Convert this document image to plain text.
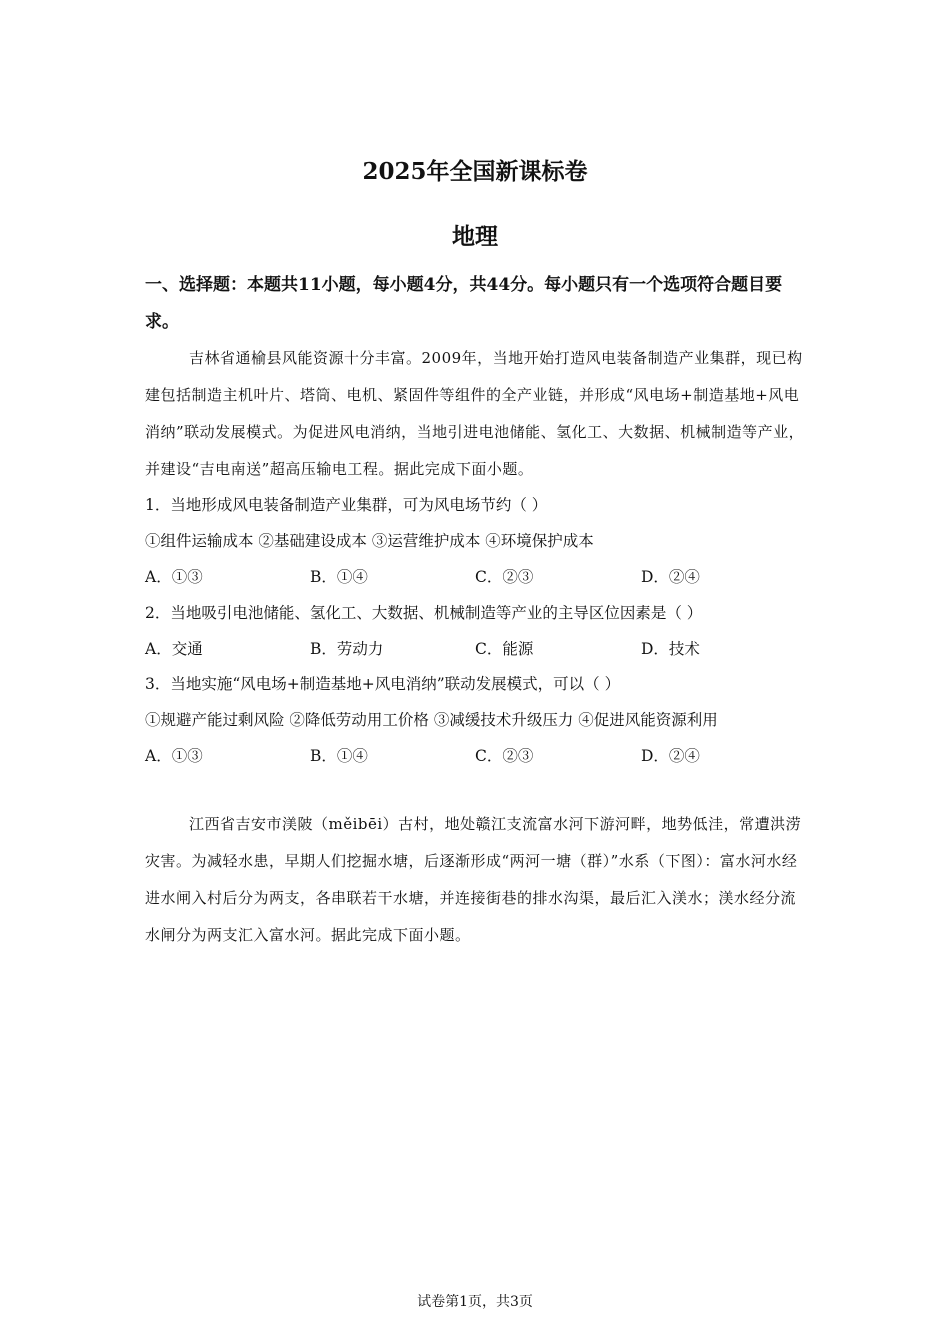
2025年全国新课标卷
地理
一、选择题：本题共11小题，每小题4分，共44分。每小题只有一个选项符合题目要求。
吉林省通榆县风能资源十分丰富。2009年，当地开始打造风电装备制造产业集群，现已构建包括制造主机叶片、塔筒、电机、紧固件等组件的全产业链，并形成“风电场+制造基地+风电消纳”联动发展模式。为促进风电消纳，当地引进电池储能、氢化工、大数据、机械制造等产业，并建设“吉电南送”超高压输电工程。据此完成下面小题。
1．当地形成风电装备制造产业集群，可为风电场节约（ ）
①组件运输成本 ②基础建设成本 ③运营维护成本 ④环境保护成本
A．①③	B．①④	C．②③	D．②④
2．当地吸引电池储能、氢化工、大数据、机械制造等产业的主导区位因素是（ ）
A．交通	B．劳动力	C．能源	D．技术
3．当地实施“风电场+制造基地+风电消纳”联动发展模式，可以（ ）
①规避产能过剩风险 ②降低劳动用工价格 ③减缓技术升级压力 ④促进风能资源利用
A．①③	B．①④	C．②③	D．②④
江西省吉安市渼陂（měibēi）古村，地处赣江支流富水河下游河畔，地势低洼，常遭洪涝灾害。为减轻水患，早期人们挖掘水塘，后逐渐形成“两河一塘（群）”水系（下图）：富水河水经进水闸入村后分为两支，各串联若干水塘，并连接街巷的排水沟渠，最后汇入渼水；渼水经分流水闸分为两支汇入富水河。据此完成下面小题。
试卷第1页，共3页
